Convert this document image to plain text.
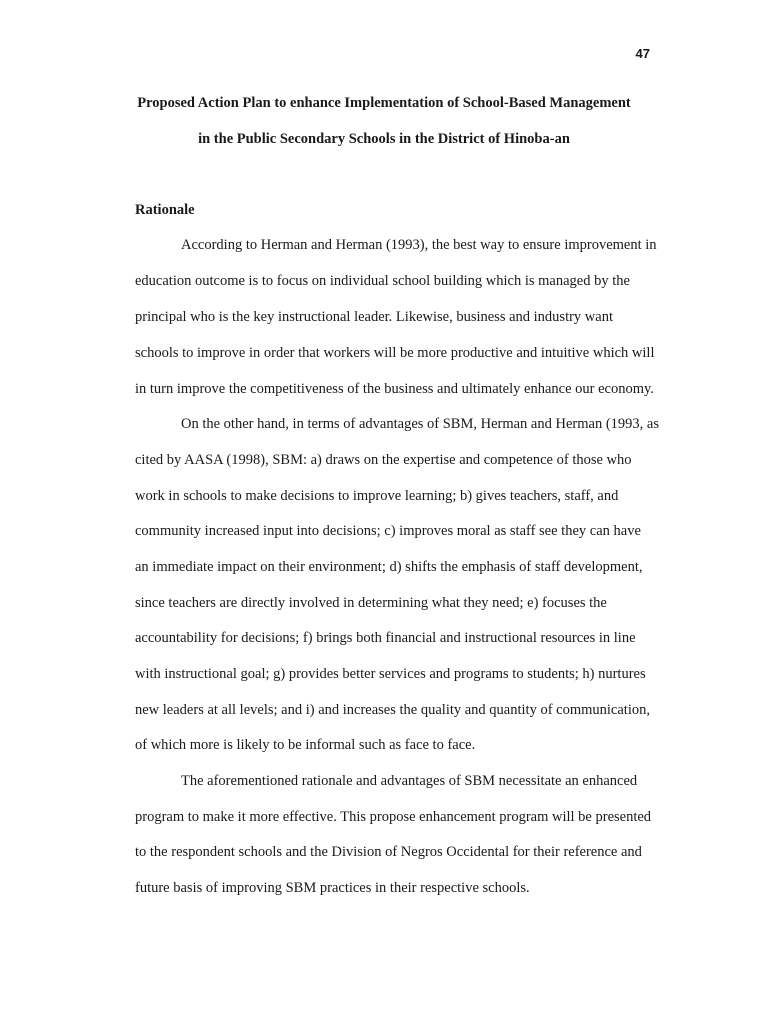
47
Proposed Action Plan to enhance Implementation of School-Based Management
in the Public Secondary Schools in the District of Hinoba-an
Rationale
According to Herman and Herman (1993), the best way to ensure improvement in
education outcome is to focus on individual school building which is managed by the
principal who is the key instructional leader. Likewise, business and industry want
schools to improve in order that workers will be more productive and intuitive which will
in turn improve the competitiveness of the business and ultimately enhance our economy.
On the other hand, in terms of advantages of SBM, Herman and Herman (1993, as
cited by AASA (1998), SBM: a) draws on the expertise and competence of those who
work in schools to make decisions to improve learning; b) gives teachers, staff, and
community increased input into decisions; c) improves moral as staff see they can have
an immediate impact on their environment; d) shifts the emphasis of staff development,
since teachers are directly involved in determining what they need; e) focuses the
accountability for decisions; f) brings both financial and instructional resources in line
with instructional goal; g) provides better services and programs to students; h) nurtures
new leaders at all levels; and i) and increases the quality and quantity of communication,
of which more is likely to be informal such as face to face.
The aforementioned rationale and advantages of SBM necessitate an enhanced
program to make it more effective. This propose enhancement program will be presented
to the respondent schools and the Division of Negros Occidental for their reference and
future basis of improving SBM practices in their respective schools.
